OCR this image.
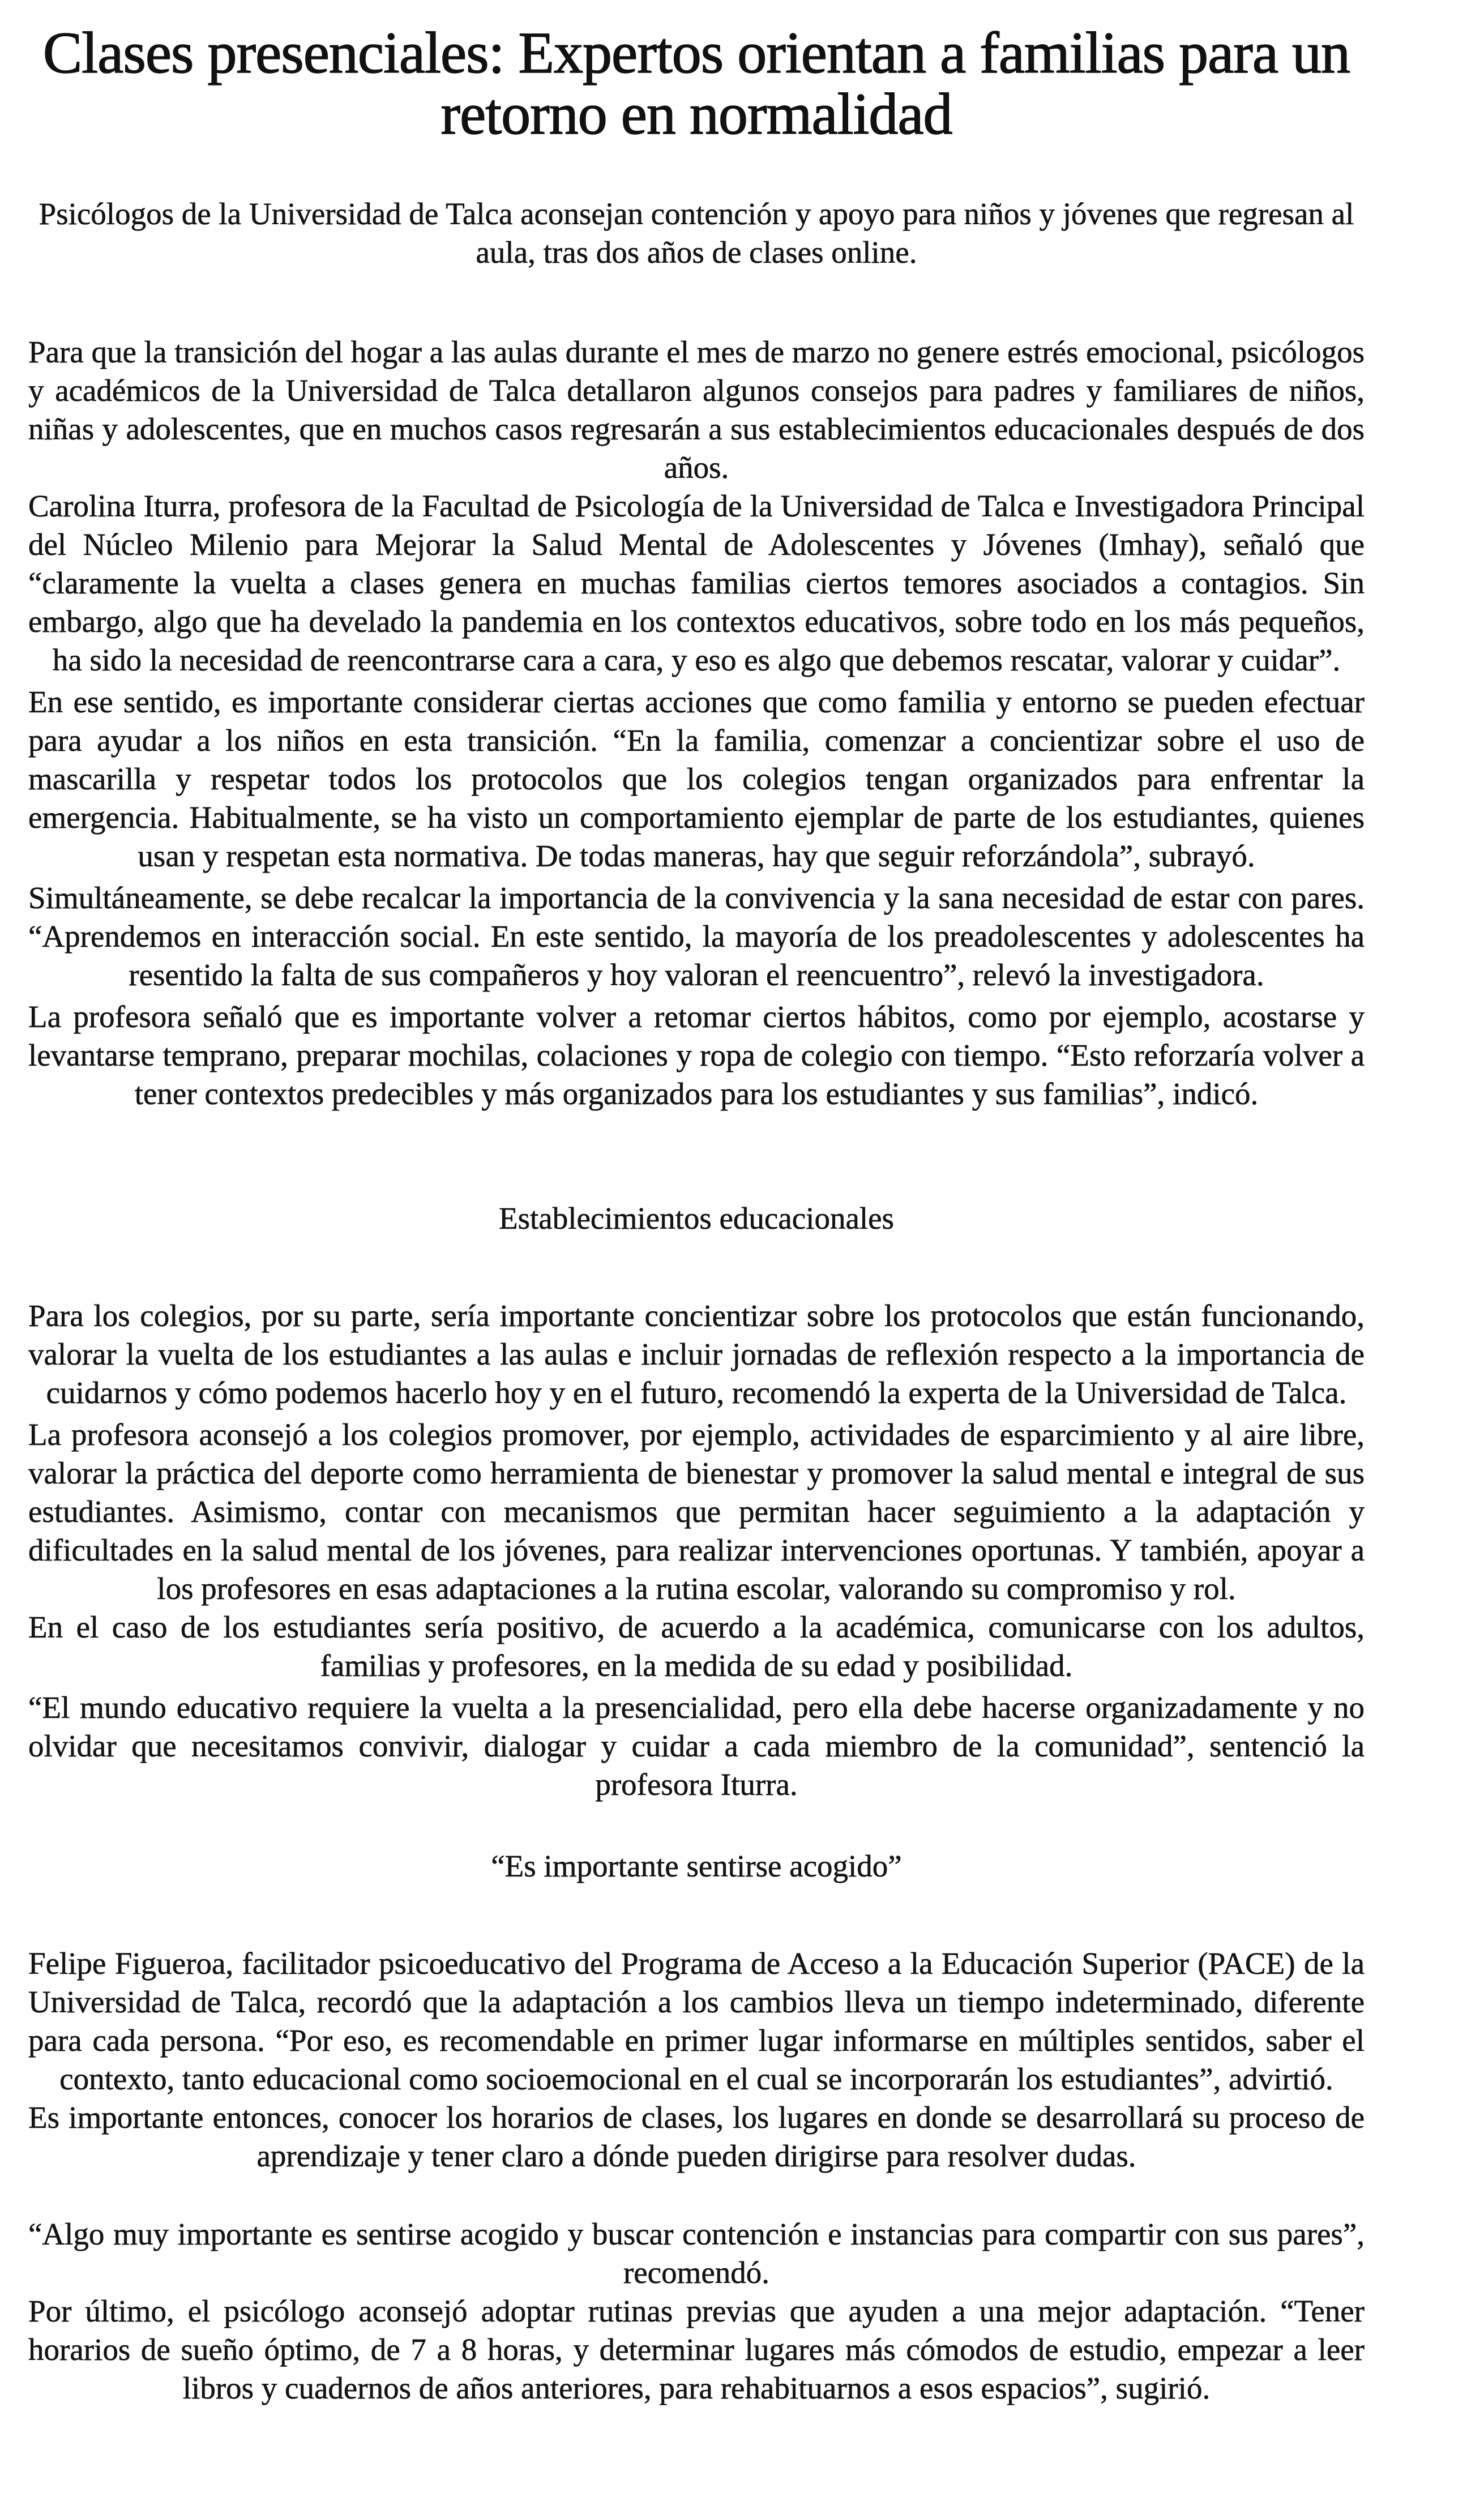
Clases presenciales: Expertos orientan a familias para un retorno en normalidad

Psicólogos de la Universidad de Talca aconsejan contención y apoyo para niños y jóvenes que regresan al aula, tras dos años de clases online.

Para que la transición del hogar a las aulas durante el mes de marzo no genere estrés emocional, psicólogos y académicos de la Universidad de Talca detallaron algunos consejos para padres y familiares de niños, niñas y adolescentes, que en muchos casos regresarán a sus establecimientos educacionales después de dos años.

Carolina Iturra, profesora de la Facultad de Psicología de la Universidad de Talca e Investigadora Principal del Núcleo Milenio para Mejorar la Salud Mental de Adolescentes y Jóvenes (Imhay), señaló que “claramente la vuelta a clases genera en muchas familias ciertos temores asociados a contagios. Sin embargo, algo que ha develado la pandemia en los contextos educativos, sobre todo en los más pequeños, ha sido la necesidad de reencontrarse cara a cara, y eso es algo que debemos rescatar, valorar y cuidar”.

En ese sentido, es importante considerar ciertas acciones que como familia y entorno se pueden efectuar para ayudar a los niños en esta transición. “En la familia, comenzar a concientizar sobre el uso de mascarilla y respetar todos los protocolos que los colegios tengan organizados para enfrentar la emergencia. Habitualmente, se ha visto un comportamiento ejemplar de parte de los estudiantes, quienes usan y respetan esta normativa. De todas maneras, hay que seguir reforzándola”, subrayó.

Simultáneamente, se debe recalcar la importancia de la convivencia y la sana necesidad de estar con pares. “Aprendemos en interacción social. En este sentido, la mayoría de los preadolescentes y adolescentes ha resentido la falta de sus compañeros y hoy valoran el reencuentro”, relevó la investigadora.

La profesora señaló que es importante volver a retomar ciertos hábitos, como por ejemplo, acostarse y levantarse temprano, preparar mochilas, colaciones y ropa de colegio con tiempo. “Esto reforzaría volver a tener contextos predecibles y más organizados para los estudiantes y sus familias”, indicó.

Establecimientos educacionales

Para los colegios, por su parte, sería importante concientizar sobre los protocolos que están funcionando, valorar la vuelta de los estudiantes a las aulas e incluir jornadas de reflexión respecto a la importancia de cuidarnos y cómo podemos hacerlo hoy y en el futuro, recomendó la experta de la Universidad de Talca.

La profesora aconsejó a los colegios promover, por ejemplo, actividades de esparcimiento y al aire libre, valorar la práctica del deporte como herramienta de bienestar y promover la salud mental e integral de sus estudiantes. Asimismo, contar con mecanismos que permitan hacer seguimiento a la adaptación y dificultades en la salud mental de los jóvenes, para realizar intervenciones oportunas. Y también, apoyar a los profesores en esas adaptaciones a la rutina escolar, valorando su compromiso y rol.

En el caso de los estudiantes sería positivo, de acuerdo a la académica, comunicarse con los adultos, familias y profesores, en la medida de su edad y posibilidad.

“El mundo educativo requiere la vuelta a la presencialidad, pero ella debe hacerse organizadamente y no olvidar que necesitamos convivir, dialogar y cuidar a cada miembro de la comunidad”, sentenció la profesora Iturra.

“Es importante sentirse acogido”

Felipe Figueroa, facilitador psicoeducativo del Programa de Acceso a la Educación Superior (PACE) de la Universidad de Talca, recordó que la adaptación a los cambios lleva un tiempo indeterminado, diferente para cada persona. “Por eso, es recomendable en primer lugar informarse en múltiples sentidos, saber el contexto, tanto educacional como socioemocional en el cual se incorporarán los estudiantes”, advirtió.

Es importante entonces, conocer los horarios de clases, los lugares en donde se desarrollará su proceso de aprendizaje y tener claro a dónde pueden dirigirse para resolver dudas.

“Algo muy importante es sentirse acogido y buscar contención e instancias para compartir con sus pares”, recomendó.

Por último, el psicólogo aconsejó adoptar rutinas previas que ayuden a una mejor adaptación. “Tener horarios de sueño óptimo, de 7 a 8 horas, y determinar lugares más cómodos de estudio, empezar a leer libros y cuadernos de años anteriores, para rehabituarnos a esos espacios”, sugirió.
